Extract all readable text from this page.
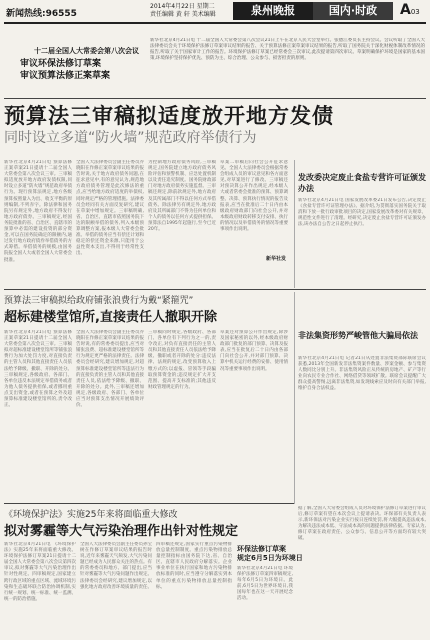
新闻热线:96555
2014年4月22日 星期二
责任编辑 黄 轩 美术编辑	泉州晚报	国内·时政	A03
十二届全国人大常委会第八次会议
审议环保法修订草案
审议预算法修正案草案
新华社北京4月21日电 十二届全国人大常委会第八次会议21日上午在北京人民大会堂举行。张德江委员长主持会议。会议听取了全国人大法律委员会关于环境保护法修订草案审议结果的报告、关于预算法修正案草案审议结果的报告,听取了国务院关于深化财税体制改革情况的报告,听取了关于国家审计工作的报告。环境保护法修订草案已经常委会三次审议,此次提请第四次审议。草案明确保护环境是国家的基本国策,环境保护坚持保护优先、预防为主、综合治理、公众参与、损害担责的原则。
预算法三审稿拟适度放开地方发债
同时设立多道“防火墙”规范政府举债行为
新华社北京4月21日电 预算法修正案草案21日提请十二届全国人大常委会第八次会议三审。三审稿拟适度放开地方政府发债权限,同时设立多道“防火墙”规范政府举债行为。现行预算法规定,地方各级预算按照量入为出、收支平衡的原则编制,不列赤字。除法律和国务院另有规定外,地方政府不得发行地方政府债券。三审稿规定,经国务院批准的省、自治区、直辖市的预算中必需的建设投资的部分资金,可以在国务院确定的限额内,通过发行地方政府债券举借债务的方式筹措。举借债务的规模,由国务院报全国人大或者全国人大常委会批准。
全国人大法律委员会副主任委员乔晓阳在作修正案草案审议结果的报告时说,关于地方政府债务问题,在征求意见中,有的意见认为,规范地方政府债务管理是此次修法的重点,应当给地方政府适度的举债权,同时规定严格的管理措施。法律委员会经同有关方面反复研究,建议在草案中增加规定。三审稿明确,省、自治区、直辖市依照国务院下达的限额举借的债务,列入本级预算调整方案,报本级人大常委会批准。举借的债务应当有偿还计划和稳定的偿还资金来源,只能用于公益性资本支出,不得用于经常性支出。
为控制地方政府债务风险,三审稿规定,国务院建立地方政府债务风险评估和预警机制、应急处置机制以及责任追究制度。国务院财政部门对地方政府债务实施监督。三审稿还规定,除前款规定外,地方政府及其所属部门不得以任何方式举借债务。除法律另有规定外,地方政府及其所属部门不得为任何单位和个人的债务以任何方式提供担保。预算法自1995年起施行,至今已近20年。
草案二审稿后向社会公开征求意见。全国人大法律委员会根据常委会组成人员的审议意见和各方面意见,对草案进行了修改。三审稿还对预决算公开作出规定,经本级人大或者常委会批准的预算、预算调整、决算、预算执行情况的报告及报表,应当在批准后二十日内由本级政府财政部门向社会公开,并对本级政府财政转移支付安排、执行的情况以及举借债务的情况等重要事项作出说明。
新华社发
发改委决定废止食盐专营许可证颁发办法
新华社北京4月21日电 国家发展改革委21日发布公告,决定废止《食盐专营许可证管理办法》。据介绍,为贯彻落实国务院关于取消和下放一批行政审批项目的决定,国家发展改革委对有关规章、规范性文件进行了清理。经研究,决定废止食盐专营许可证颁发办法,该办法自公告之日起停止执行。
预算法三审稿拟给政府铺张浪费行为戴“紧箍咒”
超标建楼堂馆所,直接责任人撤职开除
新华社北京4月21日电 预算法修正案草案21日提请十二届全国人大常委会第八次会议三审。三审稿拟对超标准建设楼堂馆所等铺张浪费行为加大处罚力度,对直接负责的主管人员和其他直接责任人员依法给予降级、撤职、开除的处分。三审稿规定,各级政府、各部门、各单位违反本法规定举借债务或者为他人债务提供担保,或者挪用重点支出资金,或者在预算之外及超预算标准建设楼堂馆所的,责令改正。
全国人大法律委员会副主任委员乔晓阳在作修正案草案审议结果的报告时说,有的常委委员提出,应当对铺张浪费、超标准建设楼堂馆所等行为规定更严格的法律责任。法律委员会经研究,建议增加规定,对超预算标准建设楼堂馆所等违法行为的直接负责的主管人员和其他直接责任人员,依法给予降级、撤职、开除的处分。此外,三审稿还增加规定,各级政府、各部门、各单位应当对预算支出情况开展绩效评价。
三审稿同时规定,各级政府、各部门、各单位有下列行为之一的,责令改正,对负有直接责任的主管人员和其他直接责任人员依法给予降级、撤职或者开除的处分:违反法律、法规的规定,改变预算收入上缴方式的;以虚报、冒领等手段骗取预算资金的;违反规定扩大开支范围、提高开支标准的;其他违反财政管理规定的行为。
草案还对预算公开作出规定,除涉及国家秘密的以外,经本级政府财政部门批复的部门预算、决算及报表,应当在批复后二十日内由各部门向社会公开,并对部门预算、决算中机关运行经费的安排、使用情况等重要事项作出说明。
非法集资形势严峻管他大骗局依法
新华社北京4月21日电 记者21日从处置非法集资部际联席会议获悉,2013年全国新发非法集资案件数量、涉案金额、参与集资人数同比分别上升。非法集资风险正从传统的房地产、矿产等行业向农民专业合作社、网络借贷等领域扩散。联席会议提醒广大群众提高警惕,远离非法集资,如发现线索应及时向有关部门举报,维护自身合法权益。
《环境保护法》实施25年来将面临重大修改
拟对雾霾等大气污染治理作出针对性规定
新华社北京4月21日电 《环境保护法》实施25年来将面临重大修改。环境保护法修订草案21日提请十二届全国人大常委会第八次会议第四次审议,拟对雾霾等大气污染治理作出针对性规定。四审稿规定,国家建立跨行政区域的重点区域、流域环境污染和生态破坏联合防治协调机制,实行统一规划、统一标准、统一监测、统一的防治措施。
全国人大法律委员会副主任委员孙宝树在作修订草案审议结果的报告时说,近年来雾霾天气频发,大气污染问题已经成为人民群众关注的热点。有的常委委员和地方、部门提出,应当针对雾霾等大气污染问题作出规定。法律委员会经研究,建议增加规定,以强化地方政府改善环境质量的责任。
四审稿还规定,国家实行重点污染物排放总量控制制度。重点污染物排放总量控制指标由国务院下达,省、自治区、直辖市人民政府分解落实。企业事业单位在执行国家和地方污染物排放标准的同时,应当遵守分解落实到本单位的重点污染物排放总量控制指标。
环保法修订草案
规定6月5日为环境日
新华社北京4月21日电 环境保护法修订草案四审稿规定,每年6月5日为环境日。此前,6月5日为世界环境日,我国每年也在这一天开展纪念活动。
据了解,全国人大常委会组成人员对环境保护法修订草案进行审议后,修订草案有望在本次会议上提请表决。环保部有关负责人表示,新环保法对污染企业实行按日连续处罚,将大幅提高违法成本,为解决违法成本低、守法成本高的问题提供法律依据。专家认为,修订草案在政府责任、公众参与、信息公开等方面均有较大突破。
